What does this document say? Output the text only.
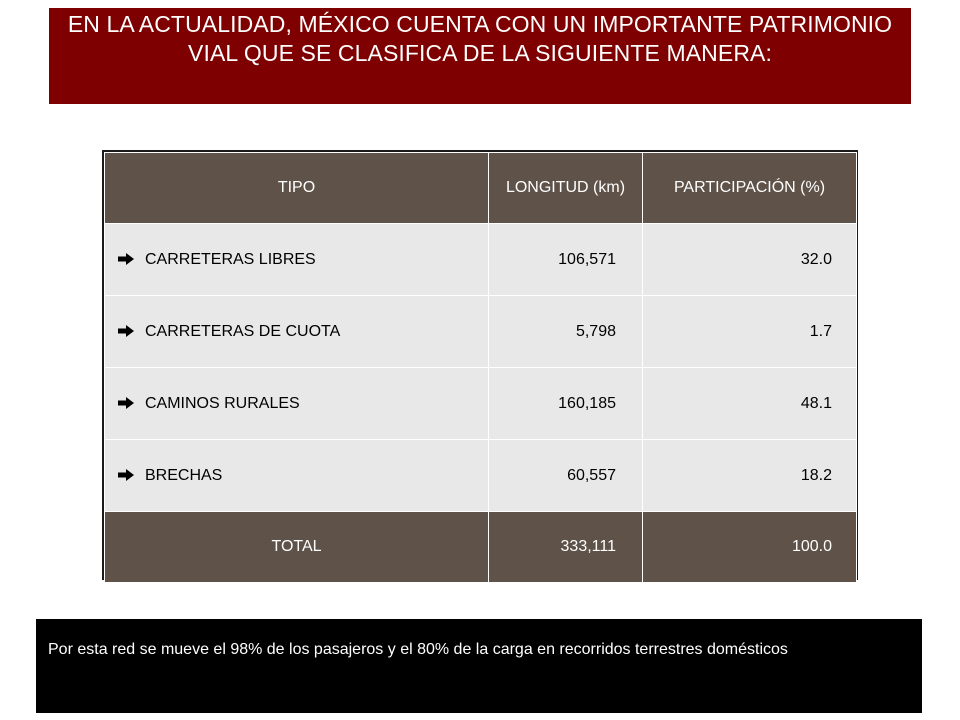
EN LA ACTUALIDAD, MÉXICO CUENTA CON UN IMPORTANTE PATRIMONIO VIAL QUE SE CLASIFICA DE LA SIGUIENTE MANERA:
TIPO	LONGITUD (km)	PARTICIPACIÓN (%)
CARRETERAS LIBRES	106,571	32.0
CARRETERAS DE CUOTA	5,798	1.7
CAMINOS RURALES	160,185	48.1
BRECHAS	60,557	18.2
TOTAL	333,111	100.0
Por esta red se mueve el 98% de los pasajeros y el 80% de la carga en recorridos terrestres domésticos
